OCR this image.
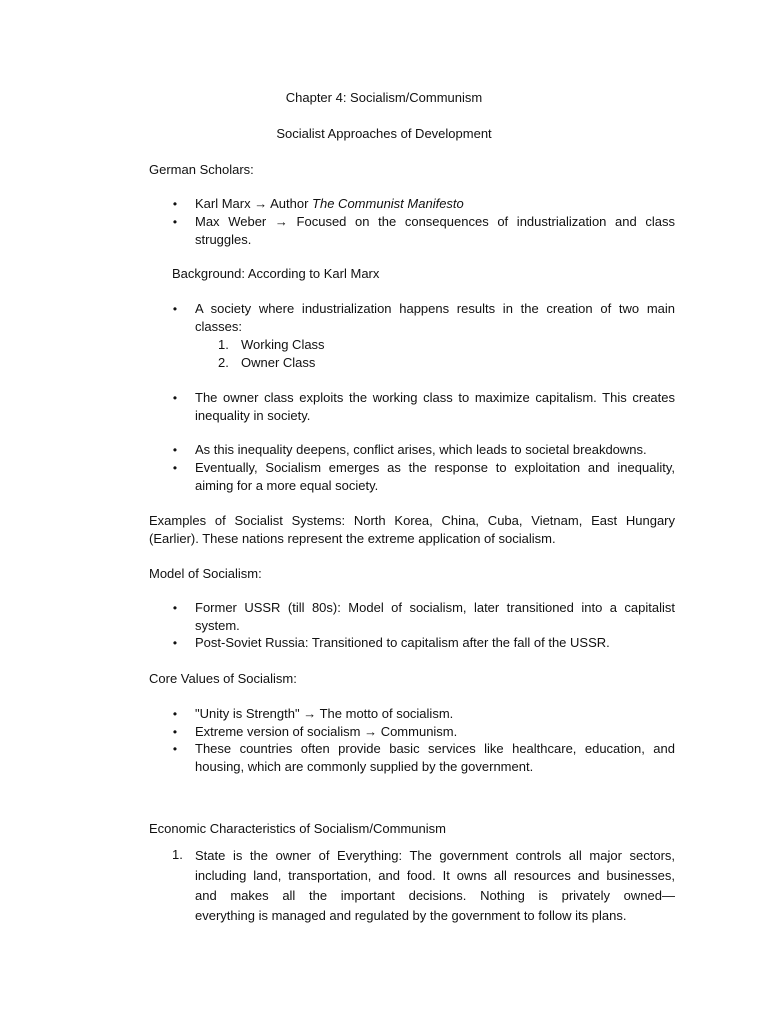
Chapter 4: Socialism/Communism
Socialist Approaches of Development
German Scholars:
• Karl Marx → Author The Communist Manifesto
• Max Weber → Focused on the consequences of industrialization and class
struggles.
Background: According to Karl Marx
• A society where industrialization happens results in the creation of two main
classes:
1. Working Class
2. Owner Class
• The owner class exploits the working class to maximize capitalism. This creates
inequality in society.
• As this inequality deepens, conflict arises, which leads to societal breakdowns.
• Eventually, Socialism emerges as the response to exploitation and inequality,
aiming for a more equal society.
Examples of Socialist Systems: North Korea, China, Cuba, Vietnam, East Hungary
(Earlier). These nations represent the extreme application of socialism.
Model of Socialism:
• Former USSR (till 80s): Model of socialism, later transitioned into a capitalist
system.
• Post-Soviet Russia: Transitioned to capitalism after the fall of the USSR.
Core Values of Socialism:
• "Unity is Strength" → The motto of socialism.
• Extreme version of socialism → Communism.
• These countries often provide basic services like healthcare, education, and
housing, which are commonly supplied by the government.
Economic Characteristics of Socialism/Communism
1. State is the owner of Everything: The government controls all major sectors,
including land, transportation, and food. It owns all resources and businesses,
and makes all the important decisions. Nothing is privately owned—
everything is managed and regulated by the government to follow its plans.
